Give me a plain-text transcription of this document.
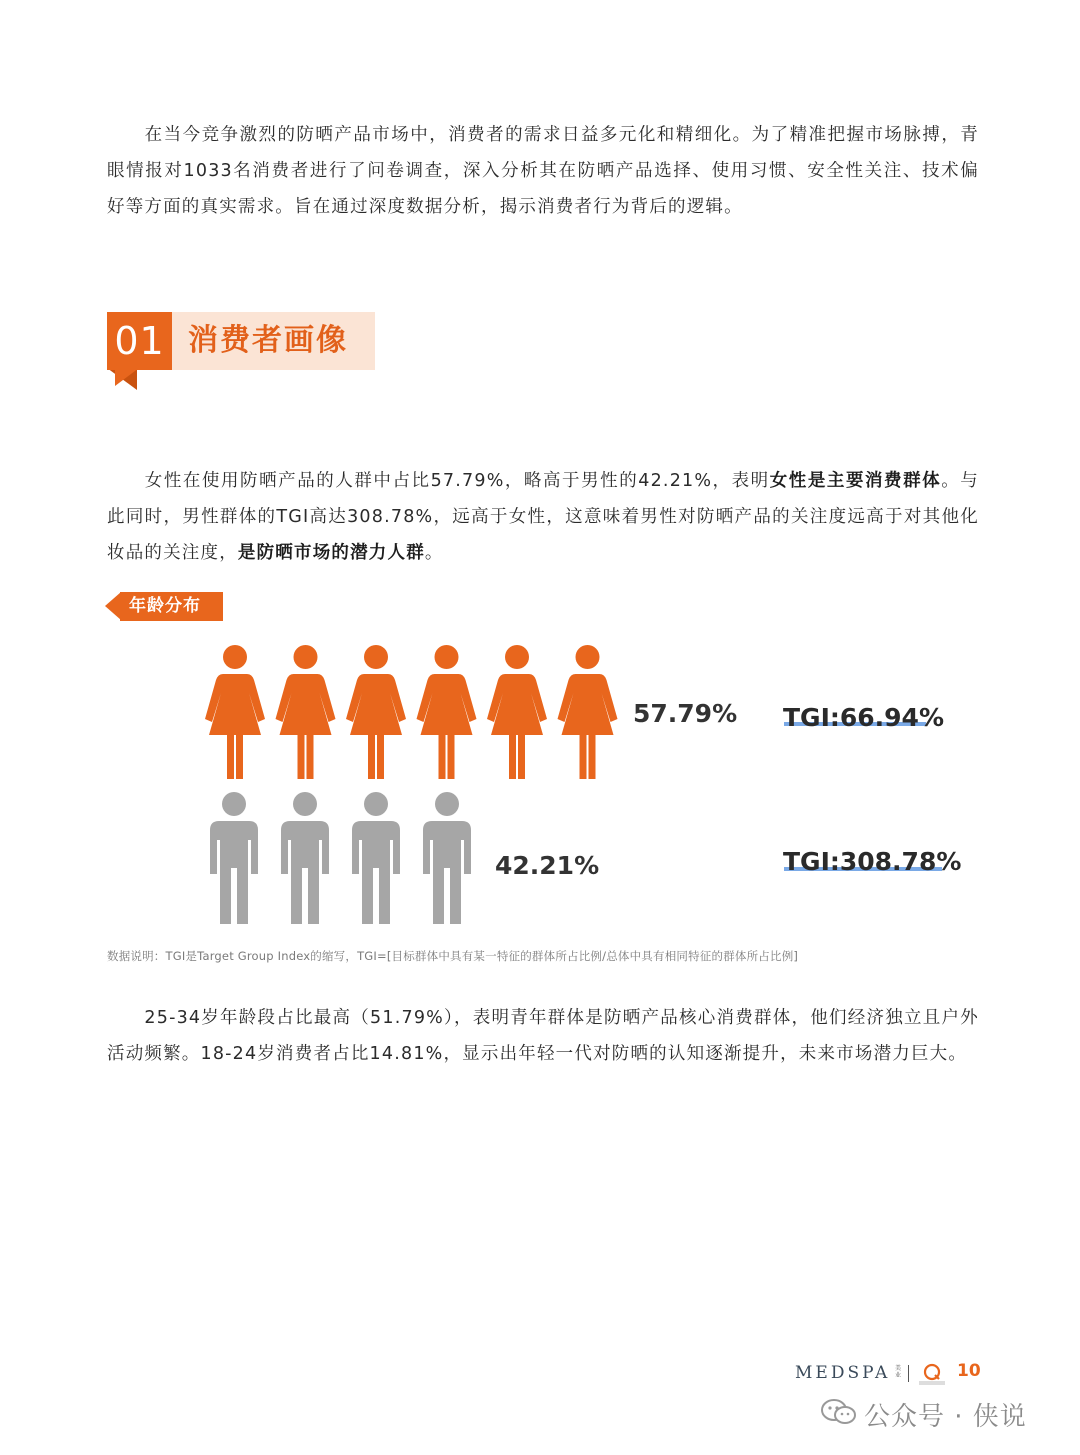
  在当今竞争激烈的防晒产品市场中，消费者的需求日益多元化和精细化。为了精准把握市场脉搏，青眼情报对1033名消费者进行了问卷调查，深入分析其在防晒产品选择、使用习惯、安全性关注、技术偏好等方面的真实需求。旨在通过深度数据分析，揭示消费者行为背后的逻辑。

01 消费者画像

  女性在使用防晒产品的人群中占比57.79%，略高于男性的42.21%，表明女性是主要消费群体。与此同时，男性群体的TGI高达308.78%，远高于女性，这意味着男性对防晒产品的关注度远高于对其他化妆品的关注度，是防晒市场的潜力人群。

年龄分布
57.79%
42.21%
TGI:66.94%
TGI:308.78%
数据说明：TGI是Target Group Index的缩写，TGI=[目标群体中具有某一特征的群体所占比例/总体中具有相同特征的群体所占比例]

  25-34岁年龄段占比最高（51.79%），表明青年群体是防晒产品核心消费群体，他们经济独立且户外活动频繁。18-24岁消费者占比14.81%，显示出年轻一代对防晒的认知逐渐提升，未来市场潜力巨大。

MEDSPA 美业	10
公众号 · 侠说
